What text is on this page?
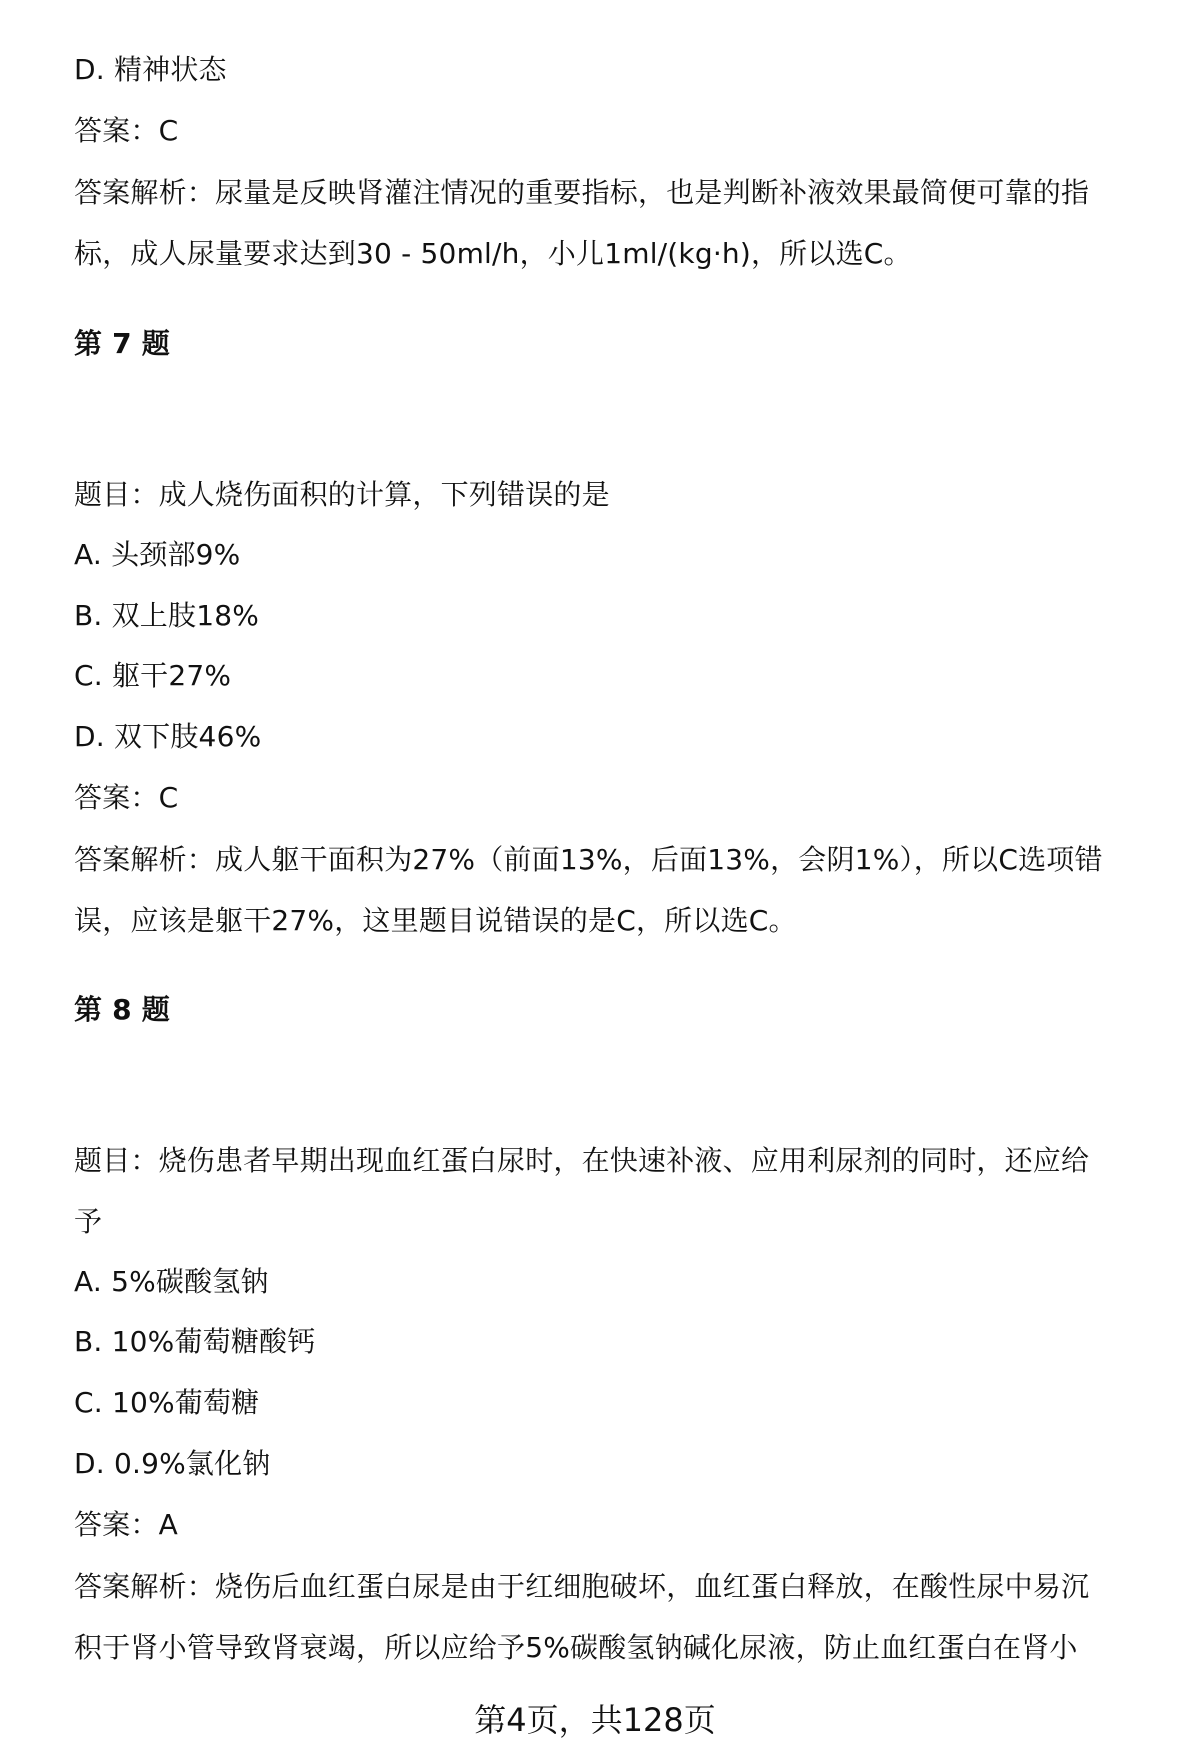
D. 精神状态
答案：C
答案解析：尿量是反映肾灌注情况的重要指标，也是判断补液效果最简便可靠的指
标，成人尿量要求达到30 - 50ml/h，小儿1ml/(kg·h)，所以选C。
第 7 题
题目：成人烧伤面积的计算，下列错误的是
A. 头颈部9%
B. 双上肢18%
C. 躯干27%
D. 双下肢46%
答案：C
答案解析：成人躯干面积为27%（前面13%，后面13%，会阴1%），所以C选项错
误，应该是躯干27%，这里题目说错误的是C，所以选C。
第 8 题
题目：烧伤患者早期出现血红蛋白尿时，在快速补液、应用利尿剂的同时，还应给
予
A. 5%碳酸氢钠
B. 10%葡萄糖酸钙
C. 10%葡萄糖
D. 0.9%氯化钠
答案：A
答案解析：烧伤后血红蛋白尿是由于红细胞破坏，血红蛋白释放，在酸性尿中易沉
积于肾小管导致肾衰竭，所以应给予5%碳酸氢钠碱化尿液，防止血红蛋白在肾小
第4页，共128页
